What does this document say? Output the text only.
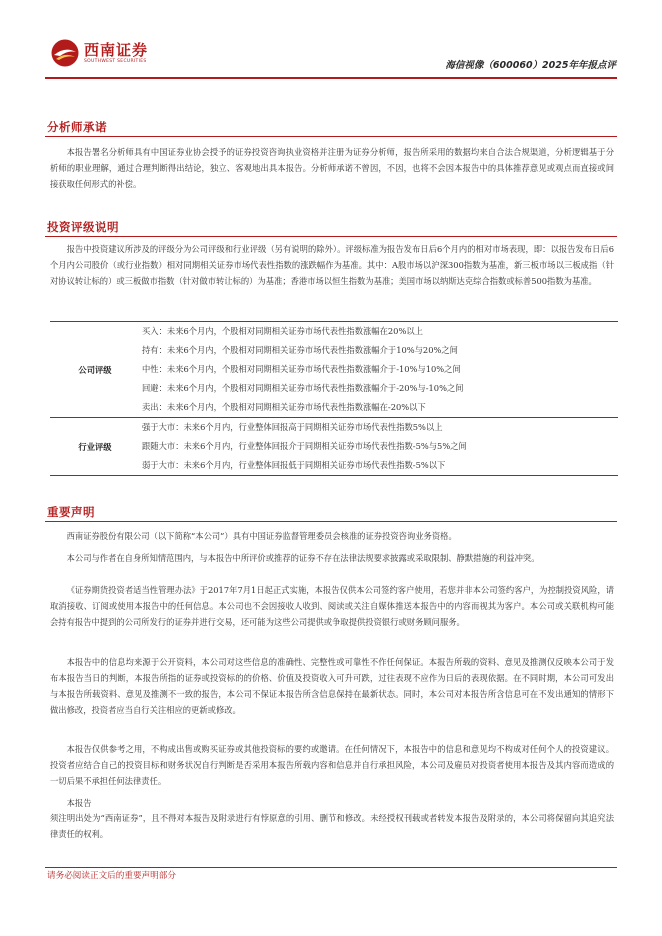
西南证券
SOUTHWEST SECURITIES	海信视像（600060）2025年年报点评
分析师承诺

本报告署名分析师具有中国证券业协会授予的证券投资咨询执业资格并注册为证券分析师，报告所采用的数据均来自合法合规渠道，分析逻辑基于分析师的职业理解，通过合理判断得出结论，独立、客观地出具本报告。分析师承诺不曾因，不因，也将不会因本报告中的具体推荐意见或观点而直接或间接获取任何形式的补偿。

投资评级说明

报告中投资建议所涉及的评级分为公司评级和行业评级（另有说明的除外）。评级标准为报告发布日后6个月内的相对市场表现，即：以报告发布日后6个月内公司股价（或行业指数）相对同期相关证券市场代表性指数的涨跌幅作为基准。其中：A股市场以沪深300指数为基准，新三板市场以三板成指（针对协议转让标的）或三板做市指数（针对做市转让标的）为基准；香港市场以恒生指数为基准；美国市场以纳斯达克综合指数或标普500指数为基准。

公司评级	买入：未来6个月内，个股相对同期相关证券市场代表性指数涨幅在20%以上
	持有：未来6个月内，个股相对同期相关证券市场代表性指数涨幅介于10%与20%之间
	中性：未来6个月内，个股相对同期相关证券市场代表性指数涨幅介于-10%与10%之间
	回避：未来6个月内，个股相对同期相关证券市场代表性指数涨幅介于-20%与-10%之间
	卖出：未来6个月内，个股相对同期相关证券市场代表性指数涨幅在-20%以下
行业评级	强于大市：未来6个月内，行业整体回报高于同期相关证券市场代表性指数5%以上
	跟随大市：未来6个月内，行业整体回报介于同期相关证券市场代表性指数-5%与5%之间
	弱于大市：未来6个月内，行业整体回报低于同期相关证券市场代表性指数-5%以下
重要声明

西南证券股份有限公司（以下简称“本公司”）具有中国证券监督管理委员会核准的证券投资咨询业务资格。

本公司与作者在自身所知情范围内，与本报告中所评价或推荐的证券不存在法律法规要求披露或采取限制、静默措施的利益冲突。

《证券期货投资者适当性管理办法》于2017年7月1日起正式实施，本报告仅供本公司签约客户使用，若您并非本公司签约客户，为控制投资风险，请取消接收、订阅或使用本报告中的任何信息。本公司也不会因接收人收到、阅读或关注自媒体推送本报告中的内容而视其为客户。本公司或关联机构可能会持有报告中提到的公司所发行的证券并进行交易，还可能为这些公司提供或争取提供投资银行或财务顾问服务。

本报告中的信息均来源于公开资料，本公司对这些信息的准确性、完整性或可靠性不作任何保证。本报告所载的资料、意见及推测仅反映本公司于发布本报告当日的判断，本报告所指的证券或投资标的的价格、价值及投资收入可升可跌，过往表现不应作为日后的表现依据。在不同时期，本公司可发出与本报告所载资料、意见及推测不一致的报告，本公司不保证本报告所含信息保持在最新状态。同时，本公司对本报告所含信息可在不发出通知的情形下做出修改，投资者应当自行关注相应的更新或修改。

本报告仅供参考之用，不构成出售或购买证券或其他投资标的要约或邀请。在任何情况下，本报告中的信息和意见均不构成对任何个人的投资建议。投资者应结合自己的投资目标和财务状况自行判断是否采用本报告所载内容和信息并自行承担风险，本公司及雇员对投资者使用本报告及其内容而造成的一切后果不承担任何法律责任。

本报告

须注明出处为“西南证券”，且不得对本报告及附录进行有悖原意的引用、删节和修改。未经授权刊载或者转发本报告及附录的，本公司将保留向其追究法律责任的权利。

请务必阅读正文后的重要声明部分
